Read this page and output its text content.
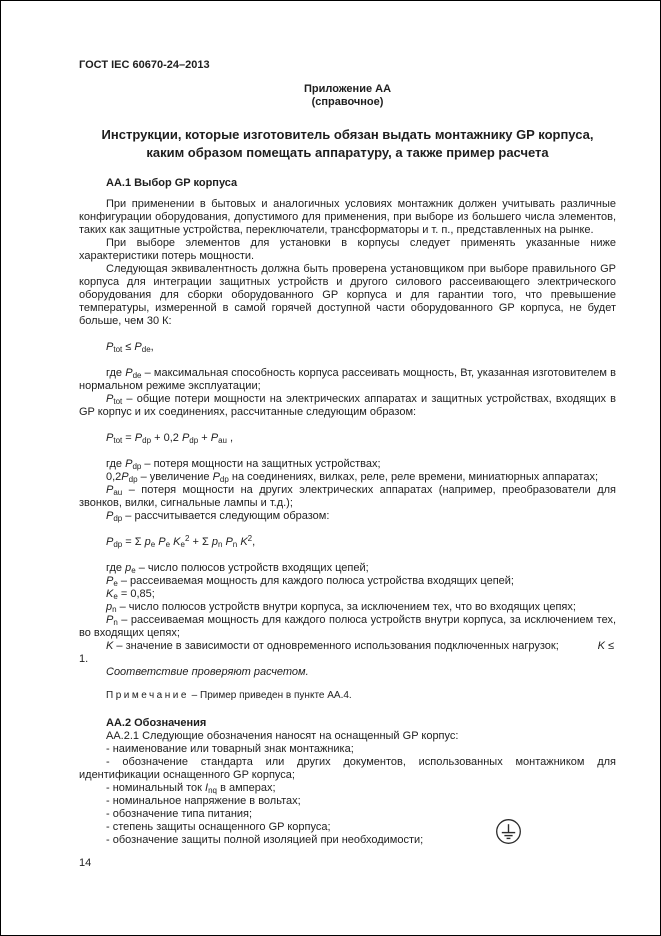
ГОСТ IEC 60670-24–2013
Приложение АА
(справочное)
Инструкции, которые изготовитель обязан выдать монтажнику GP корпуса,
каким образом помещать аппаратуру, а также пример расчета
АА.1 Выбор GP корпуса

При применении в бытовых и аналогичных условиях монтажник должен учитывать различные конфигурации оборудования, допустимого для применения, при выборе из большего числа элементов, таких как защитные устройства, переключатели, трансформаторы и т. п., представленных на рынке.

При выборе элементов для установки в корпусы следует применять указанные ниже характеристики потерь мощности.

Следующая эквивалентность должна быть проверена установщиком при выборе правильного GP корпуса для интеграции защитных устройств и другого силового рассеивающего электрического оборудования для сборки оборудованного GP корпуса и для гарантии того, что превышение температуры, измеренной в самой горячей доступной части оборудованного GP корпуса, не будет больше, чем 30 К:

$P_{tot} \le P_{de}$,

где $P_{de}$ – максимальная способность корпуса рассеивать мощность, Вт, указанная изготовителем в нормальном режиме эксплуатации;

$P_{tot}$ – общие потери мощности на электрических аппаратах и защитных устройствах, входящих в GP корпус и их соединениях, рассчитанные следующим образом:

$P_{tot} = P_{dp} + 0,2$ $P_{dp} + P_{au}$ ,

где $P_{dp}$ – потеря мощности на защитных устройствах;

$0,2P_{dp}$ – увеличение $P_{dp}$ на соединениях, вилках, реле, реле времени, миниатюрных аппаратах;

$P_{au}$ – потеря мощности на других электрических аппаратах (например, преобразователи для звонков, вилки, сигнальные лампы и т.д.);

$P_{dp}$ – рассчитывается следующим образом:

$P_{dp} = \Sigma$ $p_e$ $P_e$ $K_e^2 + \Sigma$ $p_n$ $P_n$ $K^2$,

где $p_e$ – число полюсов устройств входящих цепей;

$P_e$ – рассеиваемая мощность для каждого полюса устройства входящих цепей;

$K_e = 0,85$;

$p_n$ – число полюсов устройств внутри корпуса, за исключением тех, что во входящих цепях;

$P_n$ – рассеиваемая мощность для каждого полюса устройств внутри корпуса, за исключением тех, во входящих цепях;

K – значение в зависимости от одновременного использования подключенных нагрузок;	K ≤

1.

Соответствие проверяют расчетом.

Примечание – Пример приведен в пункте АА.4.

АА.2 Обозначения

АА.2.1 Следующие обозначения наносят на оснащенный GP корпус:

- наименование или товарный знак монтажника;

- обозначение стандарта или других документов, использованных монтажником для идентификации оснащенного GP корпуса;

- номинальный ток $I_{nq}$ в амперах;

- номинальное напряжение в вольтах;

- обозначение типа питания;

- степень защиты оснащенного GP корпуса;

- обозначение защиты полной изоляцией при необходимости;

14
